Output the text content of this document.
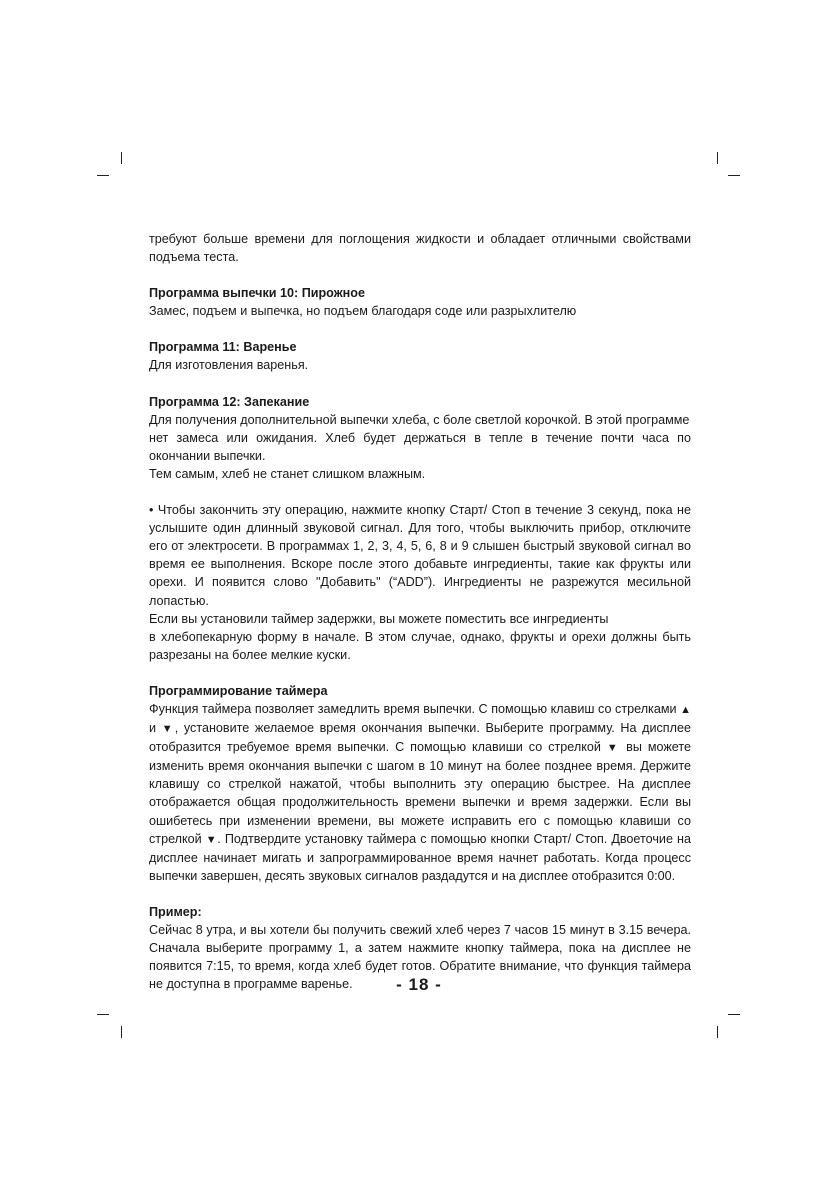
требуют больше времени для поглощения жидкости и обладает отличными свойствами подъема теста.

Программа выпечки 10: Пирожное

Замес, подъем и выпечка, но подъем благодаря соде или разрыхлителю

Программа 11: Варенье

Для изготовления варенья.

Программа 12: Запекание

Для получения дополнительной выпечки хлеба, с боле светлой корочкой. В этой программе

нет замеса или ожидания. Хлеб будет держаться в тепле в течение почти часа по окончании выпечки.

Тем самым, хлеб не станет слишком влажным.

• Чтобы закончить эту операцию, нажмите кнопку Старт/ Стоп в течение 3 секунд, пока не услышите один длинный звуковой сигнал. Для того, чтобы выключить прибор, отключите его от электросети. В программах 1, 2, 3, 4, 5, 6, 8 и 9 слышен быстрый звуковой сигнал во время ее выполнения. Вскоре после этого добавьте ингредиенты, такие как фрукты или орехи. И появится слово "Добавить" (“ADD”). Ингредиенты не разрежутся месильной лопастью.

Если вы установили таймер задержки, вы можете поместить все ингредиенты

в хлебопекарную форму в начале. В этом случае, однако, фрукты и орехи должны быть разрезаны на более мелкие куски.

Программирование таймера

Функция таймера позволяет замедлить время выпечки. С помощью клавиш со стрелками ▲ и ▼, установите желаемое время окончания выпечки. Выберите программу. На дисплее отобразится требуемое время выпечки. С помощью клавиши со стрелкой ▼ вы можете изменить время окончания выпечки с шагом в 10 минут на более позднее время. Держите клавишу со стрелкой нажатой, чтобы выполнить эту операцию быстрее. На дисплее отображается общая продолжительность времени выпечки и время задержки. Если вы ошибетесь при изменении времени, вы можете исправить его с помощью клавиши со стрелкой ▼. Подтвердите установку таймера с помощью кнопки Старт/ Стоп. Двоеточие на дисплее начинает мигать и запрограммированное время начнет работать. Когда процесс выпечки завершен, десять звуковых сигналов раздадутся и на дисплее отобразится 0:00.

Пример:

Сейчас 8 утра, и вы хотели бы получить свежий хлеб через 7 часов 15 минут в 3.15 вечера. Сначала выберите программу 1, а затем нажмите кнопку таймера, пока на дисплее не появится 7:15, то время, когда хлеб будет готов. Обратите внимание, что функция таймера не доступна в программе варенье.	- 18 -
